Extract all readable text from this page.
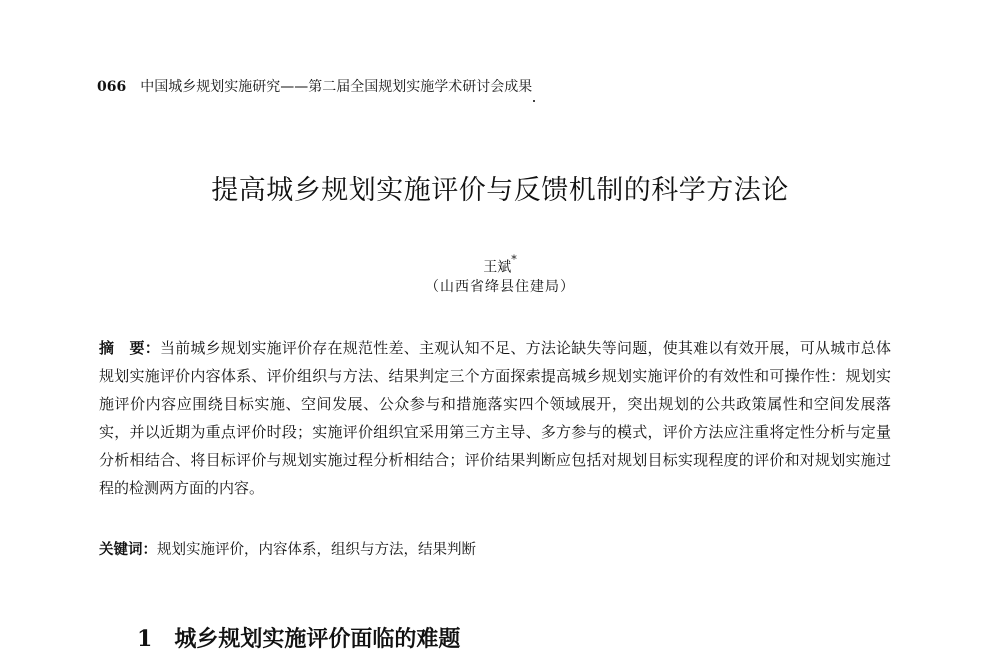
066 中国城乡规划实施研究——第二届全国规划实施学术研讨会成果
提高城乡规划实施评价与反馈机制的科学方法论
王斌*
（山西省绛县住建局）
摘　要：当前城乡规划实施评价存在规范性差、主观认知不足、方法论缺失等问题，使其难以有效开展，可从城市总体规划实施评价内容体系、评价组织与方法、结果判定三个方面探索提高城乡规划实施评价的有效性和可操作性：规划实施评价内容应围绕目标实施、空间发展、公众参与和措施落实四个领域展开，突出规划的公共政策属性和空间发展落实，并以近期为重点评价时段；实施评价组织宜采用第三方主导、多方参与的模式，评价方法应注重将定性分析与定量分析相结合、将目标评价与规划实施过程分析相结合；评价结果判断应包括对规划目标实现程度的评价和对规划实施过程的检测两方面的内容。
关键词：规划实施评价，内容体系，组织与方法，结果判断
1 城乡规划实施评价面临的难题
